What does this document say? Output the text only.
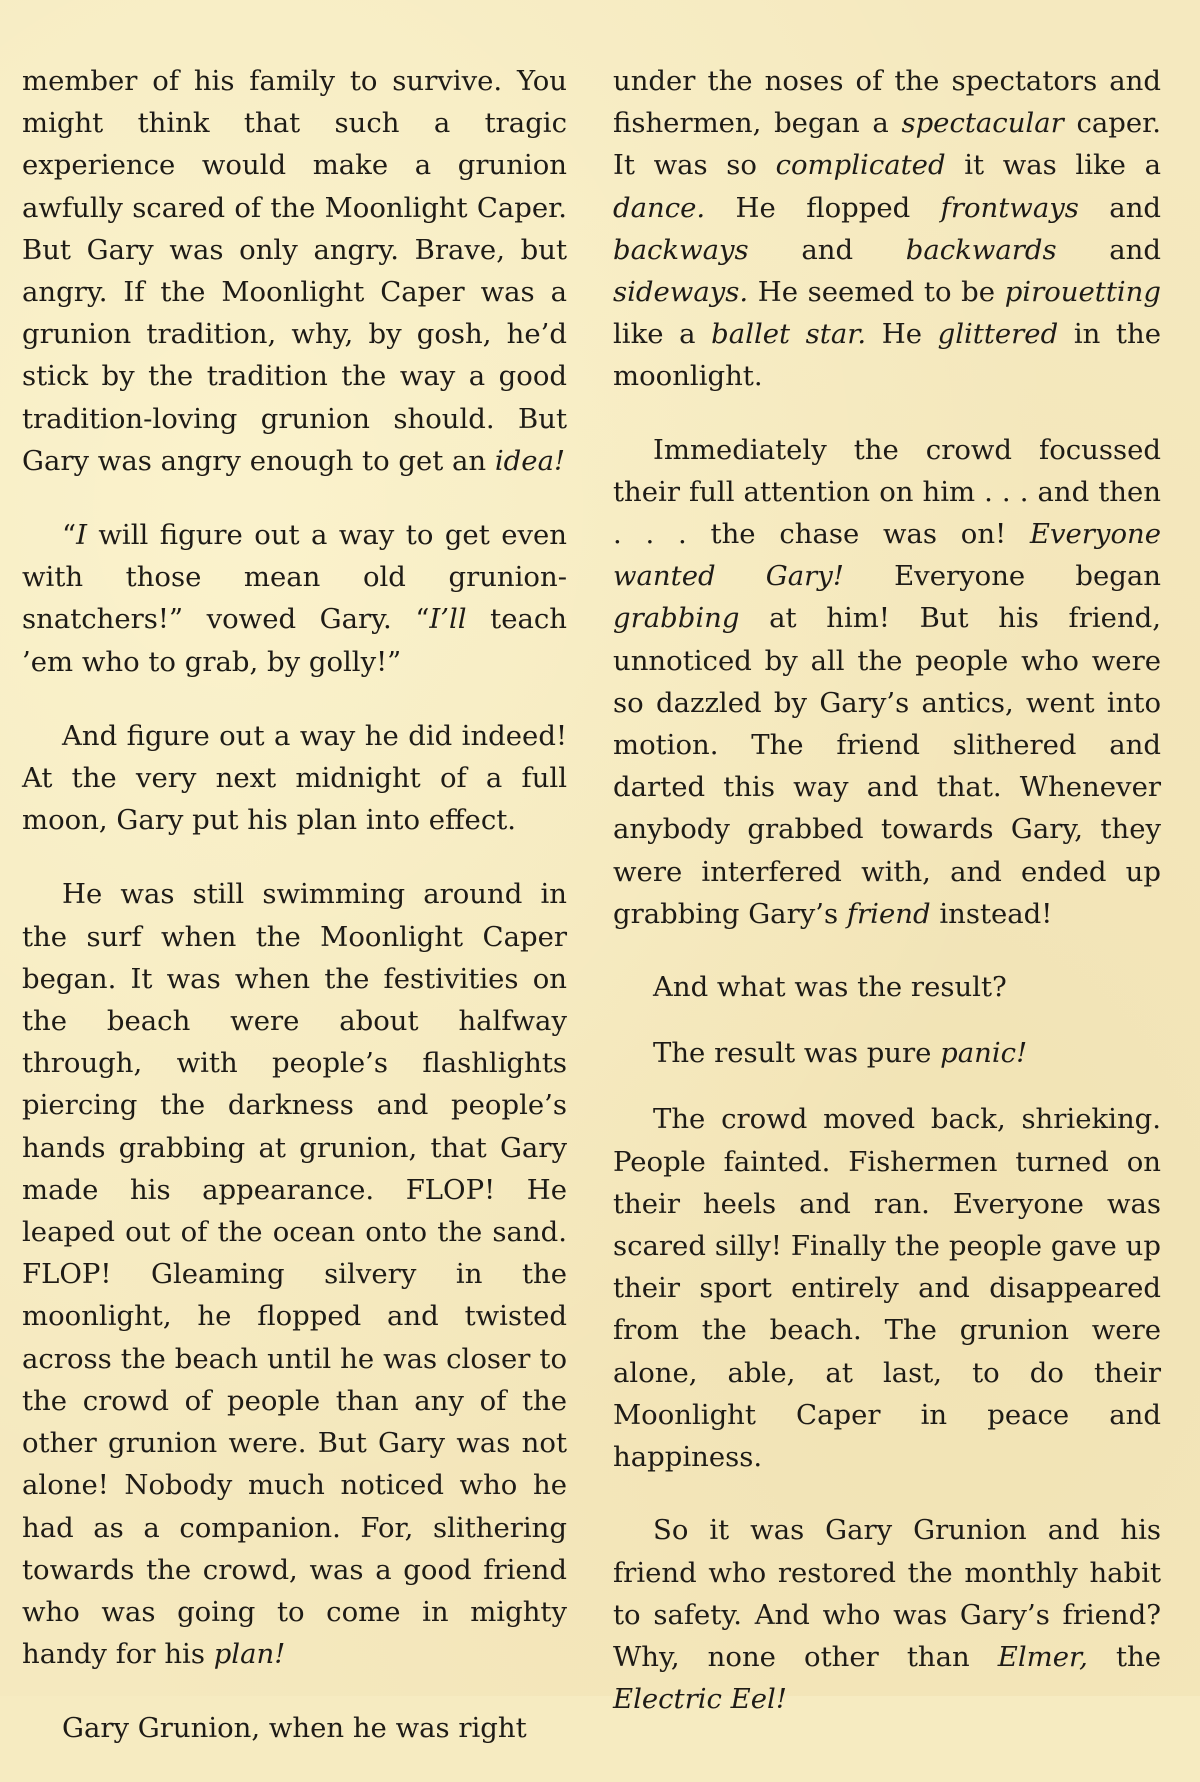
member of his family to survive. You might think that such a tragic experience would make a grunion awfully scared of the Moonlight Caper. But Gary was only angry. Brave, but angry. If the Moonlight Caper was a grunion tradition, why, by gosh, he’d stick by the tradition the way a good tradition-loving grunion should. But Gary was angry enough to get an idea!

“I will figure out a way to get even with those mean old grunion-snatchers!” vowed Gary. “I’ll teach ’em who to grab, by golly!”

And figure out a way he did indeed! At the very next midnight of a full moon, Gary put his plan into effect.

He was still swimming around in the surf when the Moonlight Caper began. It was when the festivities on the beach were about halfway through, with people’s flashlights piercing the darkness and people’s hands grabbing at grunion, that Gary made his appearance. FLOP! He leaped out of the ocean onto the sand. FLOP! Gleaming silvery in the moonlight, he flopped and twisted across the beach until he was closer to the crowd of people than any of the other grunion were. But Gary was not alone! Nobody much noticed who he had as a companion. For, slithering towards the crowd, was a good friend who was going to come in mighty handy for his plan!

Gary Grunion, when he was right

under the noses of the spectators and fishermen, began a spectacular caper. It was so complicated it was like a dance. He flopped frontways and backways and backwards and sideways. He seemed to be pirouetting like a ballet star. He glittered in the moonlight.

Immediately the crowd focussed their full attention on him . . . and then . . . the chase was on! Everyone wanted Gary! Everyone began grabbing at him! But his friend, unnoticed by all the people who were so dazzled by Gary’s antics, went into motion. The friend slithered and darted this way and that. Whenever anybody grabbed towards Gary, they were interfered with, and ended up grabbing Gary’s friend instead!

And what was the result?

The result was pure panic!

The crowd moved back, shrieking. People fainted. Fishermen turned on their heels and ran. Everyone was scared silly! Finally the people gave up their sport entirely and disappeared from the beach. The grunion were alone, able, at last, to do their Moonlight Caper in peace and happiness.

So it was Gary Grunion and his friend who restored the monthly habit to safety. And who was Gary’s friend? Why, none other than Elmer, the Electric Eel!
